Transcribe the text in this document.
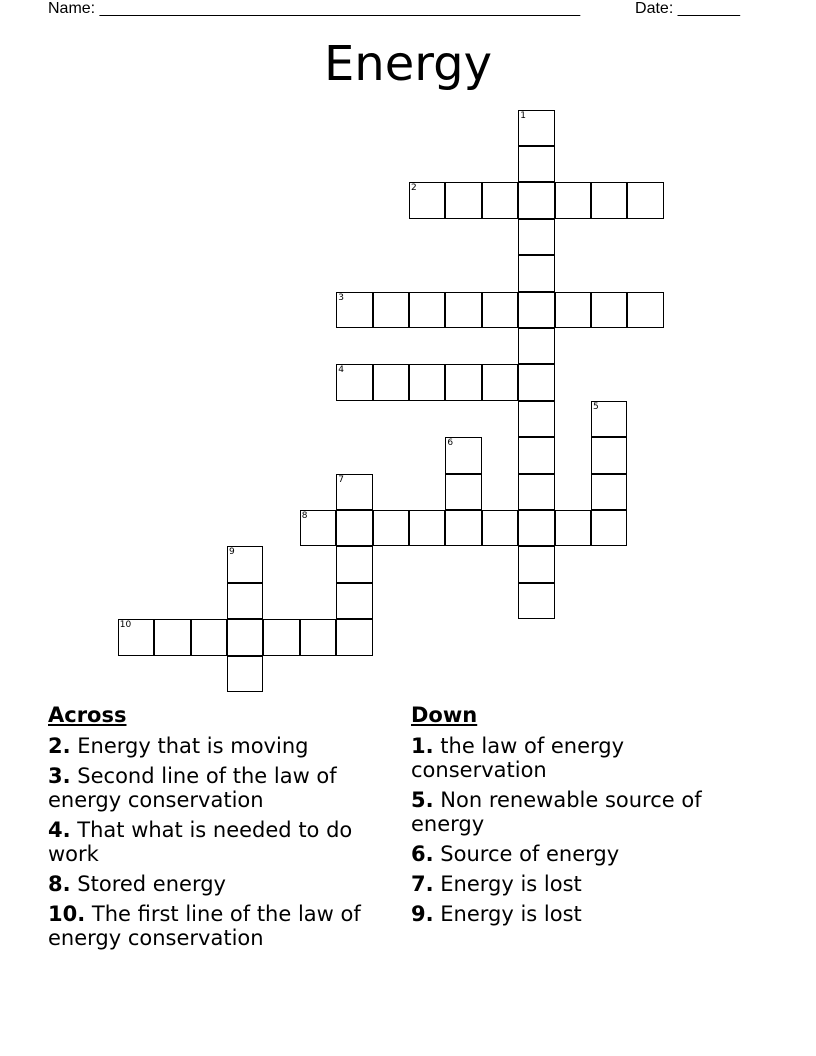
Name: ______________________________________________________	Date: _______
Energy
1
2
3
4
5
6
7
8
9
10
Across
2. Energy that is moving
3. Second line of the law of energy conservation
4. That what is needed to do work
8. Stored energy
10. The first line of the law of energy conservation
Down
1. the law of energy conservation
5. Non renewable source of energy
6. Source of energy
7. Energy is lost
9. Energy is lost
